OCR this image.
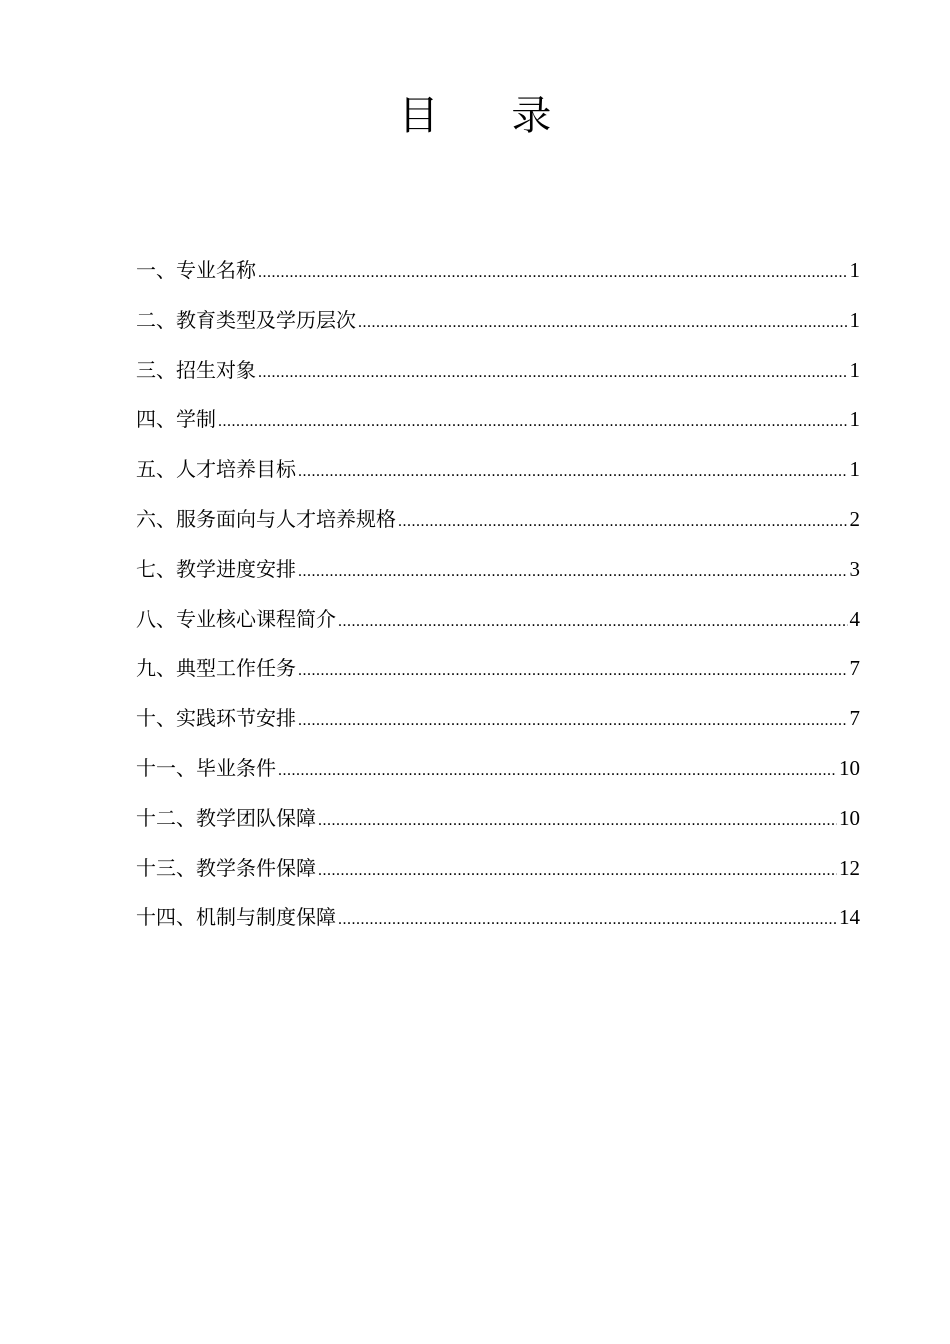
目 录
一、专业名称 .....	1
二、教育类型及学历层次 .....	1
三、招生对象 .....	1
四、学制 .....	1
五、人才培养目标 .....	1
六、服务面向与人才培养规格 .....	2
七、教学进度安排 .....	3
八、专业核心课程简介 .....	4
九、典型工作任务 .....	7
十、实践环节安排 .....	7
十一、毕业条件 .....	10
十二、教学团队保障 .....	10
十三、教学条件保障 .....	12
十四、机制与制度保障 .....	14
